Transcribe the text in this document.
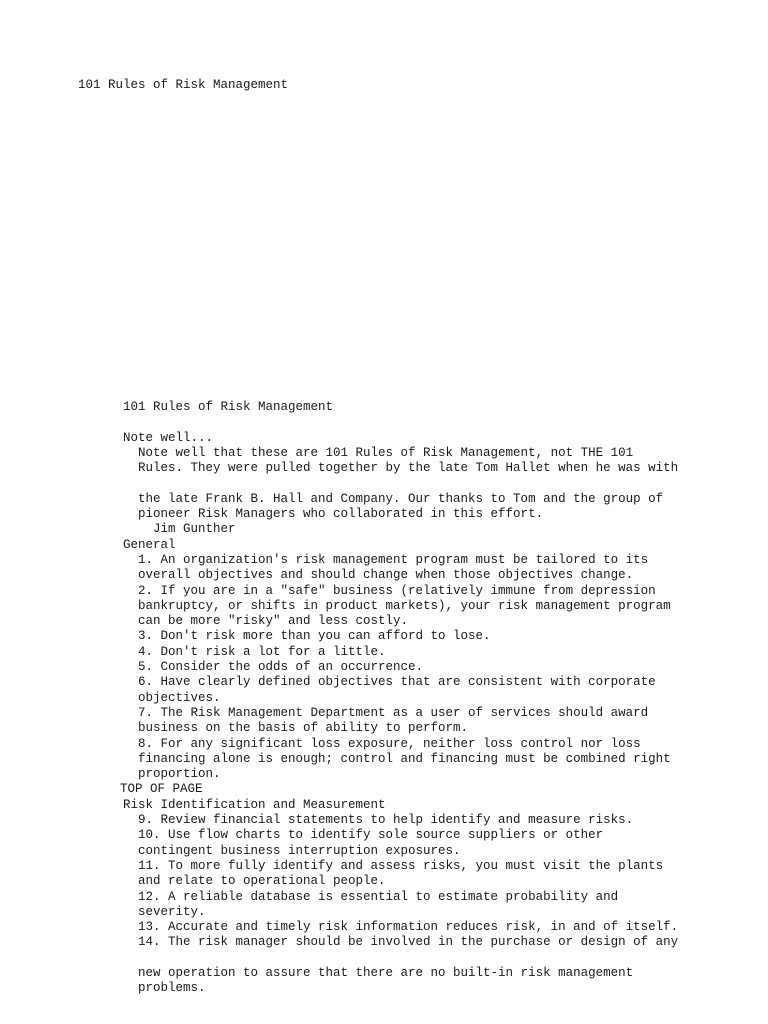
101 Rules of Risk Management
101 Rules of Risk Management
Note well...
Note well that these are 101 Rules of Risk Management, not THE 101
Rules. They were pulled together by the late Tom Hallet when he was with
the late Frank B. Hall and Company. Our thanks to Tom and the group of
pioneer Risk Managers who collaborated in this effort.
Jim Gunther
General
1. An organization's risk management program must be tailored to its
overall objectives and should change when those objectives change.
2. If you are in a "safe" business (relatively immune from depression
bankruptcy, or shifts in product markets), your risk management program
can be more "risky" and less costly.
3. Don't risk more than you can afford to lose.
4. Don't risk a lot for a little.
5. Consider the odds of an occurrence.
6. Have clearly defined objectives that are consistent with corporate
objectives.
7. The Risk Management Department as a user of services should award
business on the basis of ability to perform.
8. For any significant loss exposure, neither loss control nor loss
financing alone is enough; control and financing must be combined right
proportion.
TOP OF PAGE
Risk Identification and Measurement
9. Review financial statements to help identify and measure risks.
10. Use flow charts to identify sole source suppliers or other
contingent business interruption exposures.
11. To more fully identify and assess risks, you must visit the plants
and relate to operational people.
12. A reliable database is essential to estimate probability and
severity.
13. Accurate and timely risk information reduces risk, in and of itself.
14. The risk manager should be involved in the purchase or design of any
new operation to assure that there are no built-in risk management
problems.
